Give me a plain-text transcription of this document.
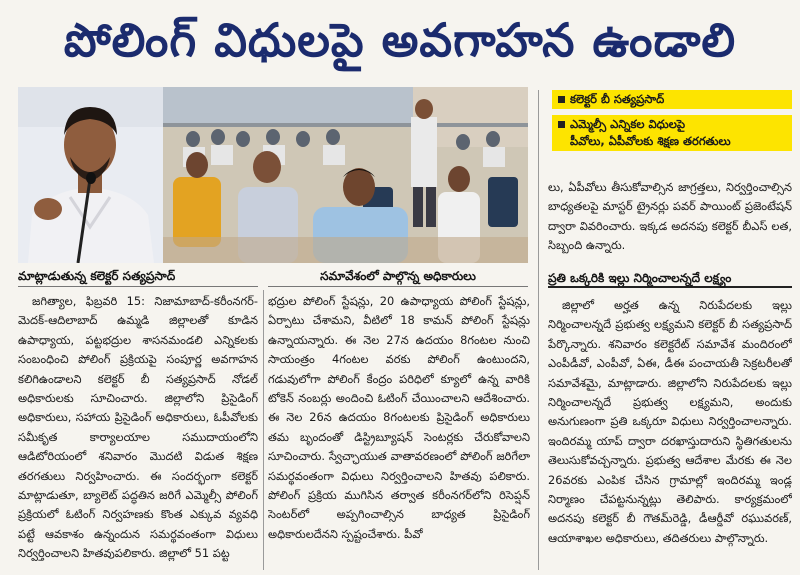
పోలింగ్ విధులపై అవగాహన ఉండాలి
కలెక్టర్ బీ సత్యప్రసాద్
ఎమ్మెల్సీ ఎన్నికల విధులపై
పీవోలు, ఏపీవోలకు శిక్షణ తరగతులు

లు, ఏపీవోలు తీసుకోవాల్సిన జాగ్రత్తలు, నిర్వర్తించాల్సిన బాధ్యతలపై మాస్టర్ ట్రైనర్లు పవర్ పాయింట్ ప్రజెంటేషన్ ద్వారా వివరించారు. ఇక్కడ అదనపు కలెక్టర్ బీఎస్ లత, సిబ్బంది ఉన్నారు.

మాట్లాడుతున్న కలెక్టర్ సత్యప్రసాద్	సమావేశంలో పాల్గొన్న అధికారులు	ప్రతి ఒక్కరికి ఇల్లు నిర్మించాలన్నదే లక్ష్యం

జగిత్యాల, ఫిబ్రవరి 15: నిజామాబాద్-కరీంనగర్-మెదక్-ఆదిలాబాద్ ఉమ్మడి జిల్లాలతో కూడిన ఉపాధ్యాయ, పట్టభద్రుల శాసనమండలి ఎన్నికలకు సంబంధించి పోలింగ్ ప్రక్రియపై సంపూర్ణ అవగాహన కలిగిఉండాలని కలెక్టర్ బీ సత్యప్రసాద్ నోడల్ అధికారులకు సూచించారు. జిల్లాలోని ప్రిసైడింగ్ అధికారులు, సహాయ ప్రిసైడింగ్ అధికారులు, ఓపీవోలకు సమీకృత కార్యాలయాల సముదాయంలోని ఆడిటోరియంలో శనివారం మొదటి విడుత శిక్షణ తరగతులు నిర్వహించారు. ఈ సందర్భంగా కలెక్టర్ మాట్లాడుతూ, బ్యాలెట్ పద్ధతిన జరిగే ఎమ్మెల్సీ పోలింగ్ ప్రక్రియలో ఓటింగ్ నిర్వహణకు కొంత ఎక్కువ వ్యవధి పట్టే ఆవకాశం ఉన్నందున సమర్థవంతంగా విధులు నిర్వర్తించాలని హితవుపలికారు. జిల్లాలో 51 పట్ట

భద్రుల పోలింగ్ స్టేషన్లు, 20 ఉపాధ్యాయ పోలింగ్ స్టేషన్లు, ఏర్పాటు చేశామని, వీటిలో 18 కామన్ పోలింగ్ స్టేషన్లు ఉన్నాయన్నారు. ఈ నెల 27న ఉదయం 8గంటల నుంచి సాయంత్రం 4గంటల వరకు పోలింగ్ ఉంటుందని, గడువులోగా పోలింగ్ కేంద్రం పరిధిలో క్యూలో ఉన్న వారికి టోకెన్ నంబర్లు అందించి ఓటింగ్ చేయించాలని ఆదేశించారు. ఈ నెల 26న ఉదయం 8గంటలకు ప్రిసైడింగ్ అధికారులు తమ బృందంతో డిస్ట్రిబ్యూషన్ సెంటర్లకు చేరుకోవాలని సూచించారు. స్వేచ్ఛాయుత వాతావరణంలో పోలింగ్ జరిగేలా సమర్థవంతంగా విధులు నిర్వర్తించాలని హితవు పలికారు. పోలింగ్ ప్రక్రియ ముగిసిన తర్వాత కరీంనగర్‌లోని రిసెప్షన్ సెంటర్‌లో అప్పగించాల్సిన బాధ్యత ప్రిసైడింగ్ అధికారులదేనని స్పష్టంచేశారు. పీవో

జిల్లాలో అర్హత ఉన్న నిరుపేదలకు ఇల్లు నిర్మించాలన్నదే ప్రభుత్వ లక్ష్యమని కలెక్టర్ బీ సత్యప్రసాద్ పేర్కొన్నారు. శనివారం కలెక్టరేట్ సమావేశ మందిరంలో ఎంపీడీవో, ఎంపీవో, ఏఈ, డీఈ పంచాయతీ సెక్రటరీలతో సమావేశమై, మాట్లాడారు. జిల్లాలోని నిరుపేదలకు ఇల్లు నిర్మించాలన్నదే ప్రభుత్వ లక్ష్యమని, అందుకు అనుగుణంగా ప్రతి ఒక్కరూ విధులు నిర్వర్తించాలన్నారు. ఇందిరమ్మ యాప్ ద్వారా దరఖాస్తుదారుని స్థితిగతులను తెలుసుకోవచ్చన్నారు. ప్రభుత్వ ఆదేశాల మేరకు ఈ నెల 26వరకు ఎంపిక చేసిన గ్రామాల్లో ఇందిరమ్మ ఇండ్ల నిర్మాణం చేపట్టనున్నట్లు తెలిపారు. కార్యక్రమంలో అదనపు కలెక్టర్ బీ గౌతమ్‌రెడ్డి, డీఆర్డీవో రఘువరణ్, ఆయాశాఖల అధికారులు, తదితరులు పాల్గొన్నారు.
